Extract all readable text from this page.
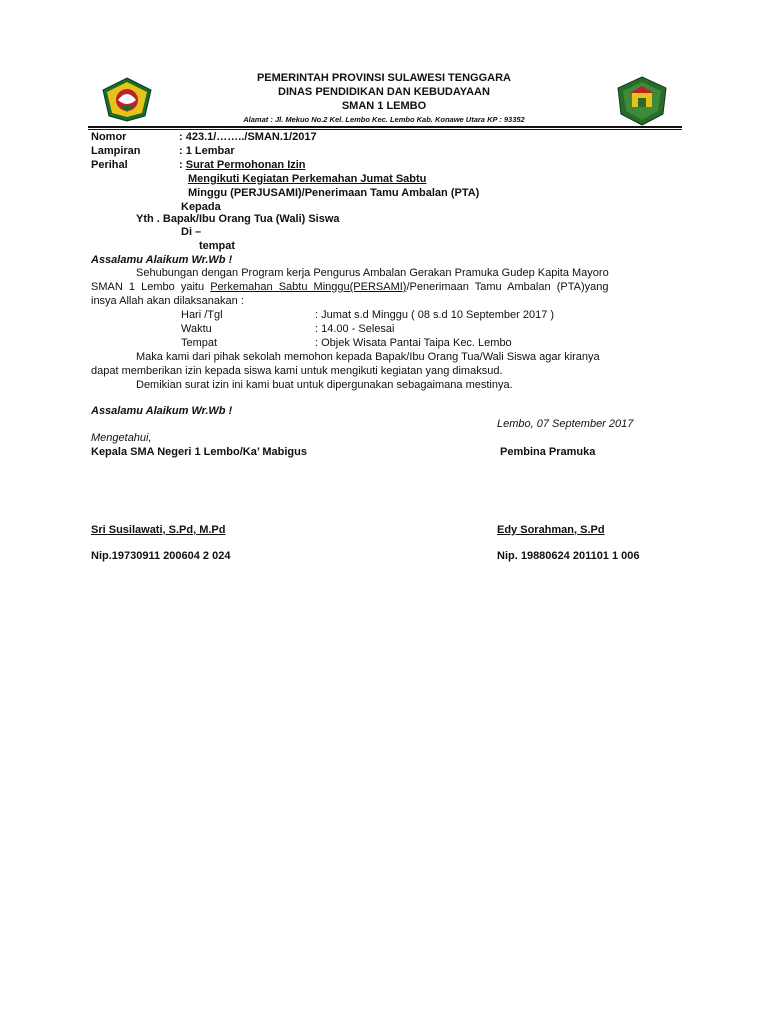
PEMERINTAH PROVINSI SULAWESI TENGGARA
DINAS PENDIDIKAN DAN KEBUDAYAAN
SMAN 1 LEMBO
Alamat : Jl. Mekuo No.2 Kel. Lembo Kec. Lembo Kab. Konawe Utara KP : 93352
Nomor	: 423.1/……../SMAN.1/2017
Lampiran	: 1 Lembar
Perihal	: Surat Permohonan Izin
Mengikuti Kegiatan Perkemahan Jumat Sabtu
Minggu (PERJUSAMI)/Penerimaan Tamu Ambalan (PTA)
Kepada
Yth . Bapak/Ibu Orang Tua (Wali) Siswa
Di –
tempat
Assalamu Alaikum Wr.Wb !
Sehubungan dengan Program kerja Pengurus Ambalan Gerakan Pramuka Gudep Kapita Mayoro
SMAN  1  Lembo  yaitu  Perkemahan  Sabtu  Minggu(PERSAMI)/Penerimaan  Tamu  Ambalan  (PTA)yang
insya Allah akan dilaksanakan :
Hari /Tgl	: Jumat s.d Minggu ( 08 s.d 10 September 2017 )
Waktu	: 14.00 - Selesai
Tempat	: Objek Wisata Pantai Taipa Kec. Lembo
Maka kami dari pihak sekolah memohon kepada Bapak/Ibu Orang Tua/Wali Siswa agar kiranya
dapat memberikan izin kepada siswa kami untuk mengikuti kegiatan yang dimaksud.
Demikian surat izin ini kami buat untuk dipergunakan sebagaimana mestinya.
Assalamu Alaikum Wr.Wb !
Lembo, 07 September 2017
Mengetahui,
Kepala SMA Negeri 1 Lembo/Ka’ Mabigus	Pembina Pramuka
Sri Susilawati, S.Pd, M.Pd	Edy Sorahman, S.Pd
Nip.19730911 200604 2 024	Nip. 19880624 201101 1 006
